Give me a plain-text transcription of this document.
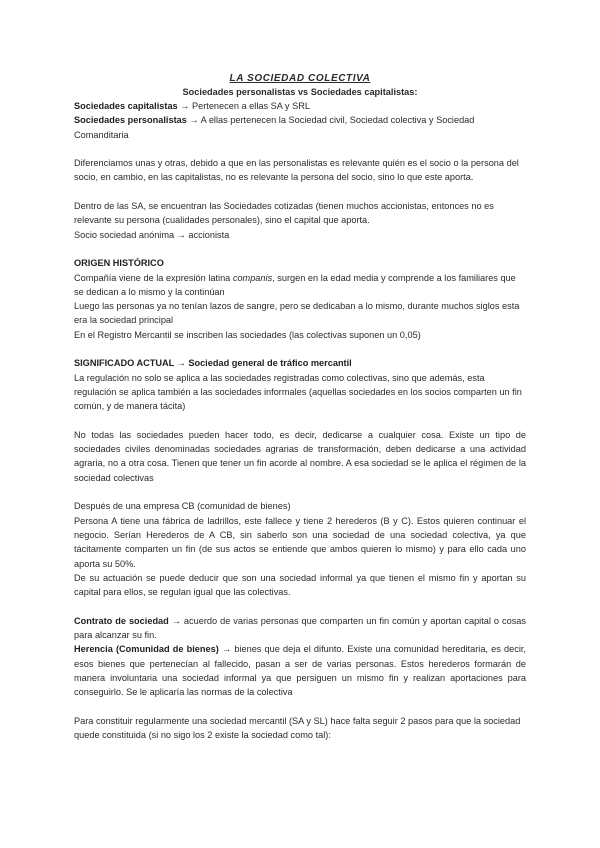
LA SOCIEDAD COLECTIVA
Sociedades personalistas vs Sociedades capitalistas:

Sociedades capitalistas → Pertenecen a ellas SA y SRL

Sociedades personalistas → A ellas pertenecen la Sociedad civil, Sociedad colectiva y Sociedad Comanditaria

Diferenciamos unas y otras, debido a que en las personalistas es relevante quién es el socio o la persona del socio, en cambio, en las capitalistas, no es relevante la persona del socio, sino lo que este aporta.

Dentro de las SA, se encuentran las Sociedades cotizadas (tienen muchos accionistas, entonces no es relevante su persona (cualidades personales), sino el capital que aporta.

Socio sociedad anónima → accionista

ORIGEN HISTÓRICO

Compañía viene de la expresión latina companis, surgen en la edad media y comprende a los familiares que se dedican a lo mismo y la continúan

Luego las personas ya no tenían lazos de sangre, pero se dedicaban a lo mismo, durante muchos siglos esta era la sociedad principal

En el Registro Mercantil se inscriben las sociedades (las colectivas suponen un 0,05)

SIGNIFICADO ACTUAL → Sociedad general de tráfico mercantil

La regulación no solo se aplica a las sociedades registradas como colectivas, sino que además, esta regulación se aplica también a las sociedades informales (aquellas sociedades en los socios comparten un fin común, y de manera tácita)

No todas las sociedades pueden hacer todo, es decir, dedicarse a cualquier cosa. Existe un tipo de sociedades civiles denominadas sociedades agrarias de transformación, deben dedicarse a una actividad agraria, no a otra cosa. Tienen que tener un fin acorde al nombre. A esa sociedad se le aplica el régimen de la sociedad colectivas

Después de una empresa CB (comunidad de bienes)

Persona A tiene una fábrica de ladrillos, este fallece y tiene 2 herederos (B y C). Estos quieren continuar el negocio. Serían Herederos de A CB, sin saberlo son una sociedad de una sociedad colectiva, ya que tácitamente comparten un fin (de sus actos se entiende que ambos quieren lo mismo) y para ello cada uno aporta su 50%.

De su actuación se puede deducir que son una sociedad informal ya que tienen el mismo fin y aportan su capital para ellos, se regulan igual que las colectivas.

Contrato de sociedad → acuerdo de varias personas que comparten un fin común y aportan capital o cosas para alcanzar su fin.

Herencia (Comunidad de bienes) → bienes que deja el difunto. Existe una comunidad hereditaria, es decir, esos bienes que pertenecían al fallecido, pasan a ser de varias personas. Estos herederos formarán de manera involuntaria una sociedad informal ya que persiguen un mismo fin y realizan aportaciones para conseguirlo. Se le aplicaría las normas de la colectiva

Para constituir regularmente una sociedad mercantil (SA y SL) hace falta seguir 2 pasos para que la sociedad quede constituida (si no sigo los 2 existe la sociedad como tal):
